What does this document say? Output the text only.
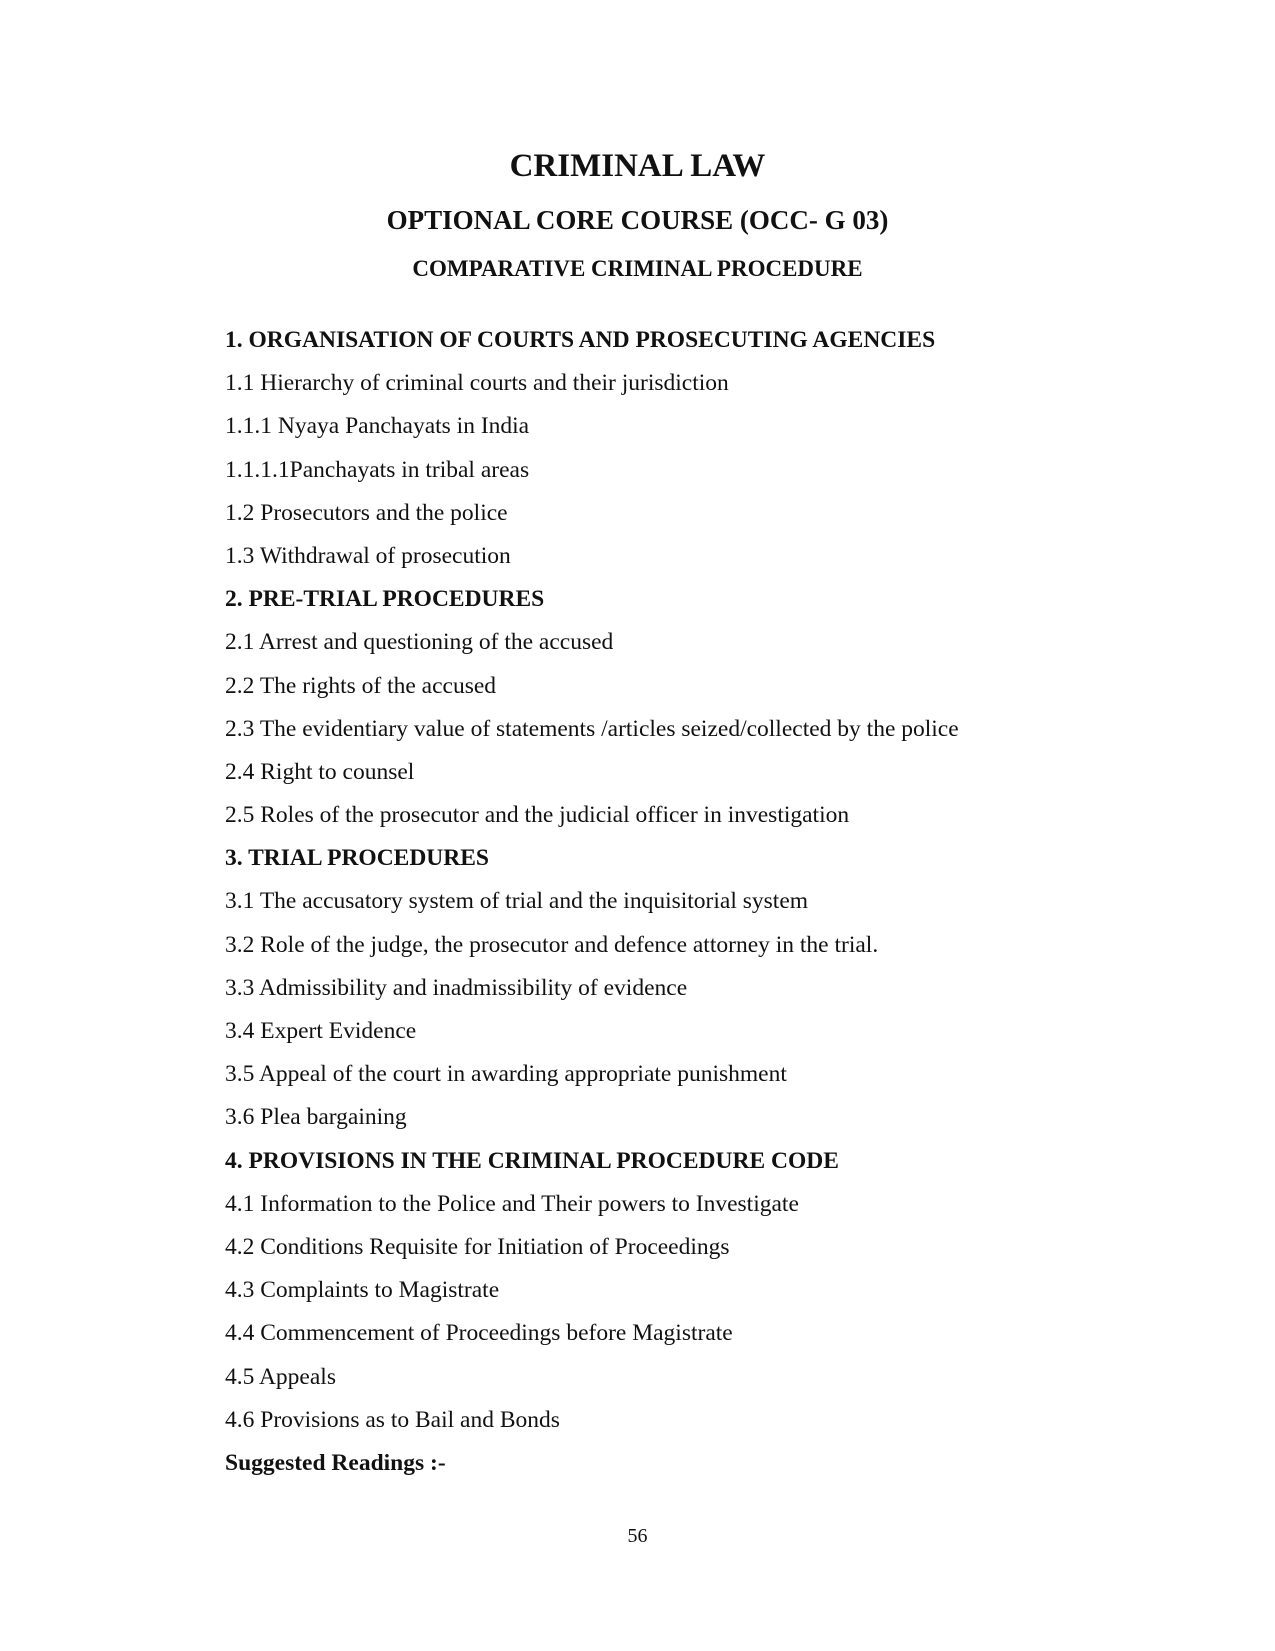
CRIMINAL LAW
OPTIONAL CORE COURSE (OCC- G 03)
COMPARATIVE CRIMINAL PROCEDURE
1. ORGANISATION OF COURTS AND PROSECUTING AGENCIES
1.1 Hierarchy of criminal courts and their jurisdiction
1.1.1 Nyaya Panchayats in India
1.1.1.1Panchayats in tribal areas
1.2 Prosecutors and the police
1.3 Withdrawal of prosecution
2. PRE-TRIAL PROCEDURES
2.1 Arrest and questioning of the accused
2.2 The rights of the accused
2.3 The evidentiary value of statements /articles seized/collected by the police
2.4 Right to counsel
2.5 Roles of the prosecutor and the judicial officer in investigation
3. TRIAL PROCEDURES
3.1 The accusatory system of trial and the inquisitorial system
3.2 Role of the judge, the prosecutor and defence attorney in the trial.
3.3 Admissibility and inadmissibility of evidence
3.4 Expert Evidence
3.5 Appeal of the court in awarding appropriate punishment
3.6 Plea bargaining
4. PROVISIONS IN THE CRIMINAL PROCEDURE CODE
4.1 Information to the Police and Their powers to Investigate
4.2 Conditions Requisite for Initiation of Proceedings
4.3 Complaints to Magistrate
4.4 Commencement of Proceedings before Magistrate
4.5 Appeals
4.6 Provisions as to Bail and Bonds
Suggested Readings :-
56
